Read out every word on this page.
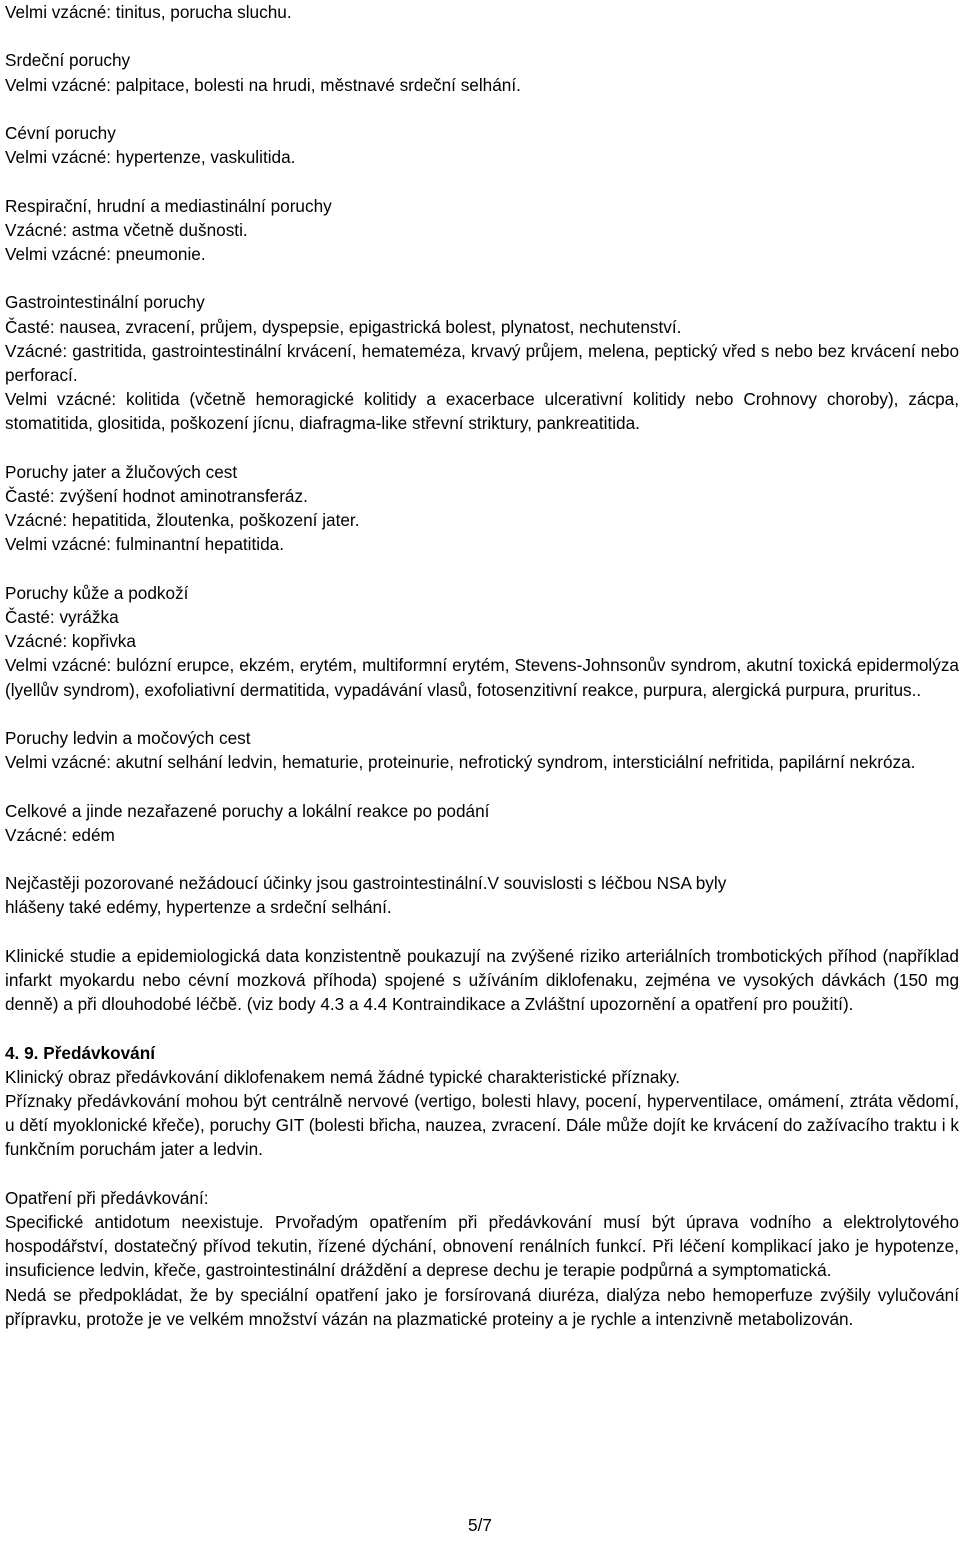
Velmi vzácné: tinitus, porucha sluchu.

Srdeční poruchy

Velmi vzácné: palpitace, bolesti na hrudi, městnavé srdeční selhání.

Cévní poruchy

Velmi vzácné: hypertenze, vaskulitida.

Respirační, hrudní a mediastinální poruchy

Vzácné: astma včetně dušnosti.

Velmi vzácné: pneumonie.

Gastrointestinální poruchy

Časté: nausea, zvracení, průjem, dyspepsie, epigastrická bolest, plynatost, nechutenství.

Vzácné: gastritida, gastrointestinální krvácení, hemateméza, krvavý průjem, melena, peptický vřed s nebo bez krvácení nebo perforací.

Velmi vzácné: kolitida (včetně hemoragické kolitidy a exacerbace ulcerativní kolitidy nebo Crohnovy choroby), zácpa, stomatitida, glositida, poškození jícnu, diafragma-like střevní striktury, pankreatitida.

Poruchy jater a žlučových cest

Časté: zvýšení hodnot aminotransferáz.

Vzácné: hepatitida, žloutenka, poškození jater.

Velmi vzácné: fulminantní hepatitida.

Poruchy kůže a podkoží

Časté: vyrážka

Vzácné: kopřivka

Velmi vzácné: bulózní erupce, ekzém, erytém, multiformní erytém, Stevens-Johnsonův syndrom, akutní toxická epidermolýza (lyellův syndrom), exofoliativní dermatitida, vypadávání vlasů, fotosenzitivní reakce, purpura, alergická purpura, pruritus..

Poruchy ledvin a močových cest

Velmi vzácné: akutní selhání ledvin, hematurie, proteinurie, nefrotický syndrom, intersticiální nefritida, papilární nekróza.

Celkové a jinde nezařazené poruchy a lokální reakce po podání

Vzácné: edém

Nejčastěji pozorované nežádoucí účinky jsou gastrointestinální.V souvislosti s léčbou NSA byly
hlášeny také edémy, hypertenze a srdeční selhání.

Klinické studie a epidemiologická data konzistentně poukazují na zvýšené riziko arteriálních trombotických příhod (například infarkt myokardu nebo cévní mozková příhoda) spojené s užíváním diklofenaku, zejména ve vysokých dávkách (150 mg denně) a při dlouhodobé léčbě. (viz body 4.3 a 4.4 Kontraindikace a Zvláštní upozornění a opatření pro použití).

4. 9. Předávkování

Klinický obraz předávkování diklofenakem nemá žádné typické charakteristické příznaky.

Příznaky předávkování mohou být centrálně nervové (vertigo, bolesti hlavy, pocení, hyperventilace, omámení, ztráta vědomí, u dětí myoklonické křeče), poruchy GIT (bolesti břicha, nauzea, zvracení. Dále může dojít ke krvácení do zažívacího traktu i k funkčním poruchám jater a ledvin.

Opatření při předávkování:

Specifické antidotum neexistuje. Prvořadým opatřením při předávkování musí být úprava vodního a elektrolytového hospodářství, dostatečný přívod tekutin, řízené dýchání, obnovení renálních funkcí. Při léčení komplikací jako je hypotenze, insuficience ledvin, křeče, gastrointestinální dráždění a deprese dechu je terapie podpůrná a symptomatická.

Nedá se předpokládat, že by speciální opatření jako je forsírovaná diuréza, dialýza nebo hemoperfuze zvýšily vylučování přípravku, protože je ve velkém množství vázán na plazmatické proteiny a je rychle a intenzivně metabolizován.

5/7
